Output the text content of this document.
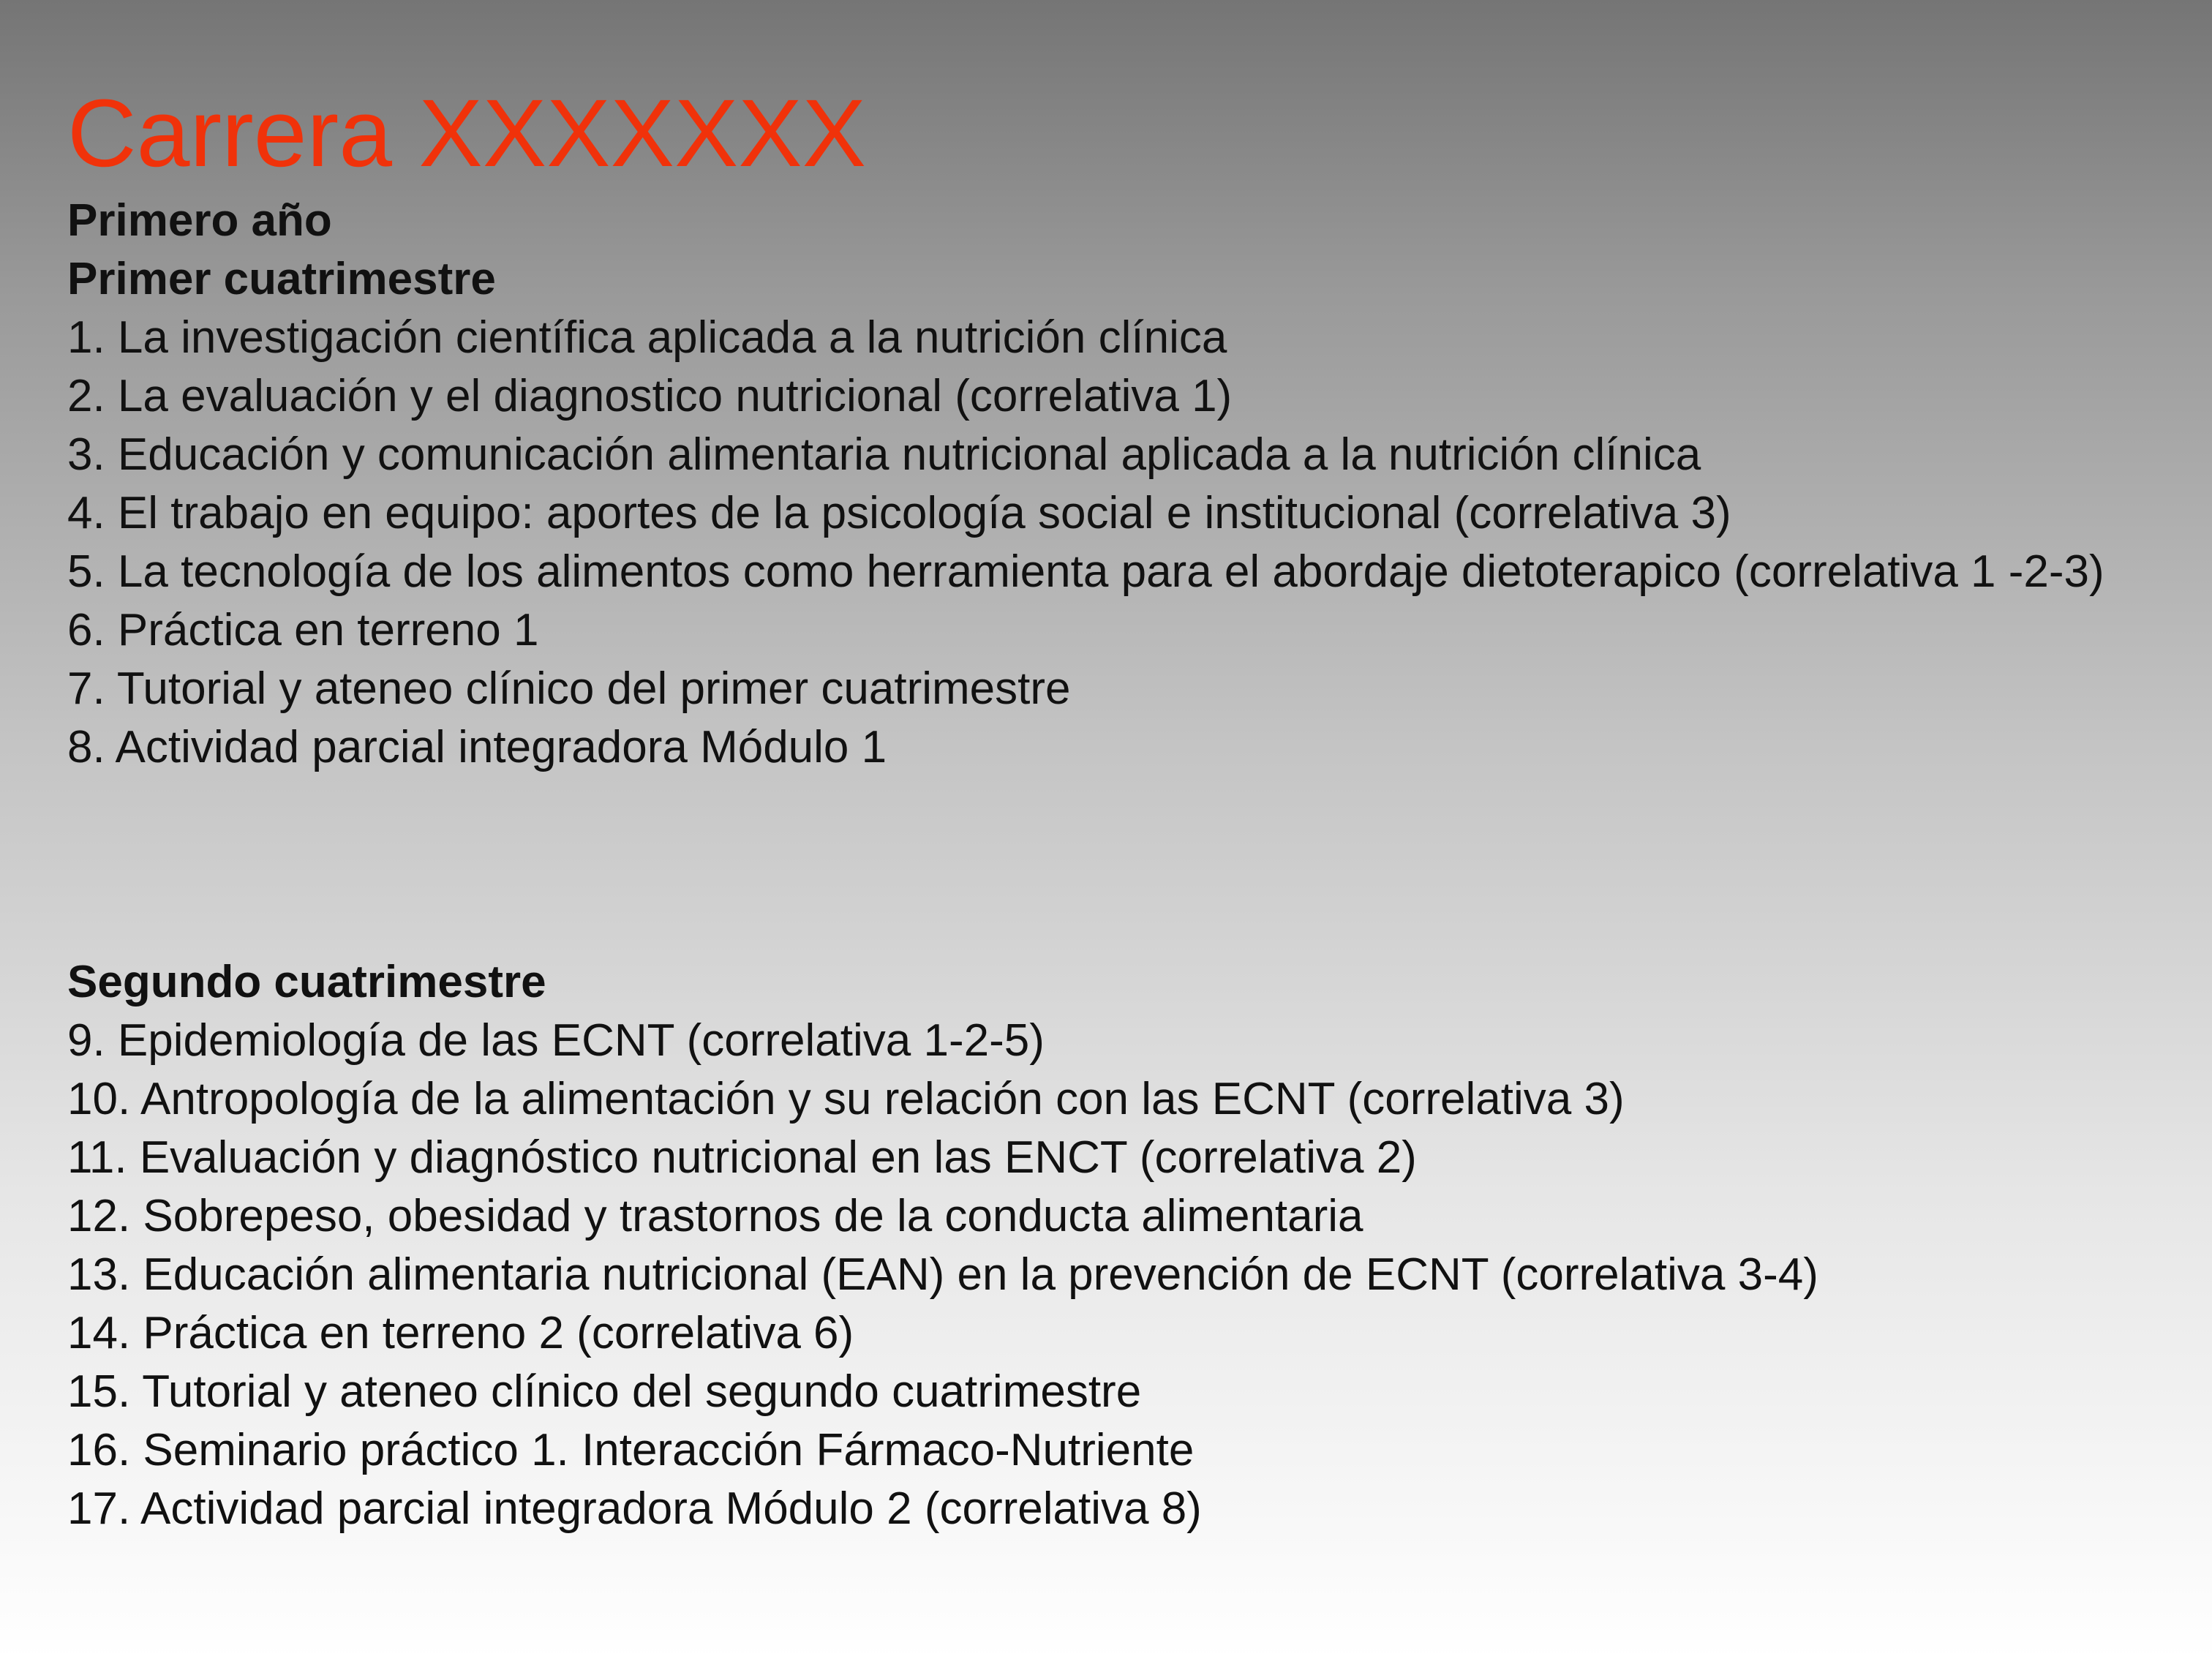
Carrera XXXXXXX

Primero año

Primer cuatrimestre

1. La investigación científica aplicada a la nutrición clínica
2. La evaluación y el diagnostico nutricional (correlativa 1)
3. Educación y comunicación alimentaria nutricional aplicada a la nutrición clínica
4. El trabajo en equipo: aportes de la psicología social e institucional (correlativa 3)
5. La tecnología de los alimentos como herramienta para el abordaje dietoterapico (correlativa 1 -2-3)
6. Práctica en terreno 1
7. Tutorial y ateneo clínico del primer cuatrimestre
8. Actividad parcial integradora Módulo 1

Segundo cuatrimestre

9. Epidemiología de las ECNT (correlativa 1-2-5)
10. Antropología de la alimentación y su relación con las ECNT (correlativa 3)
11. Evaluación y diagnóstico nutricional en las ENCT (correlativa 2)
12. Sobrepeso, obesidad y trastornos de la conducta alimentaria
13. Educación alimentaria nutricional (EAN) en la prevención de ECNT (correlativa 3-4)
14. Práctica en terreno 2 (correlativa 6)
15. Tutorial y ateneo clínico del segundo cuatrimestre
16. Seminario práctico 1. Interacción Fármaco-Nutriente
17. Actividad parcial integradora Módulo 2 (correlativa 8)
